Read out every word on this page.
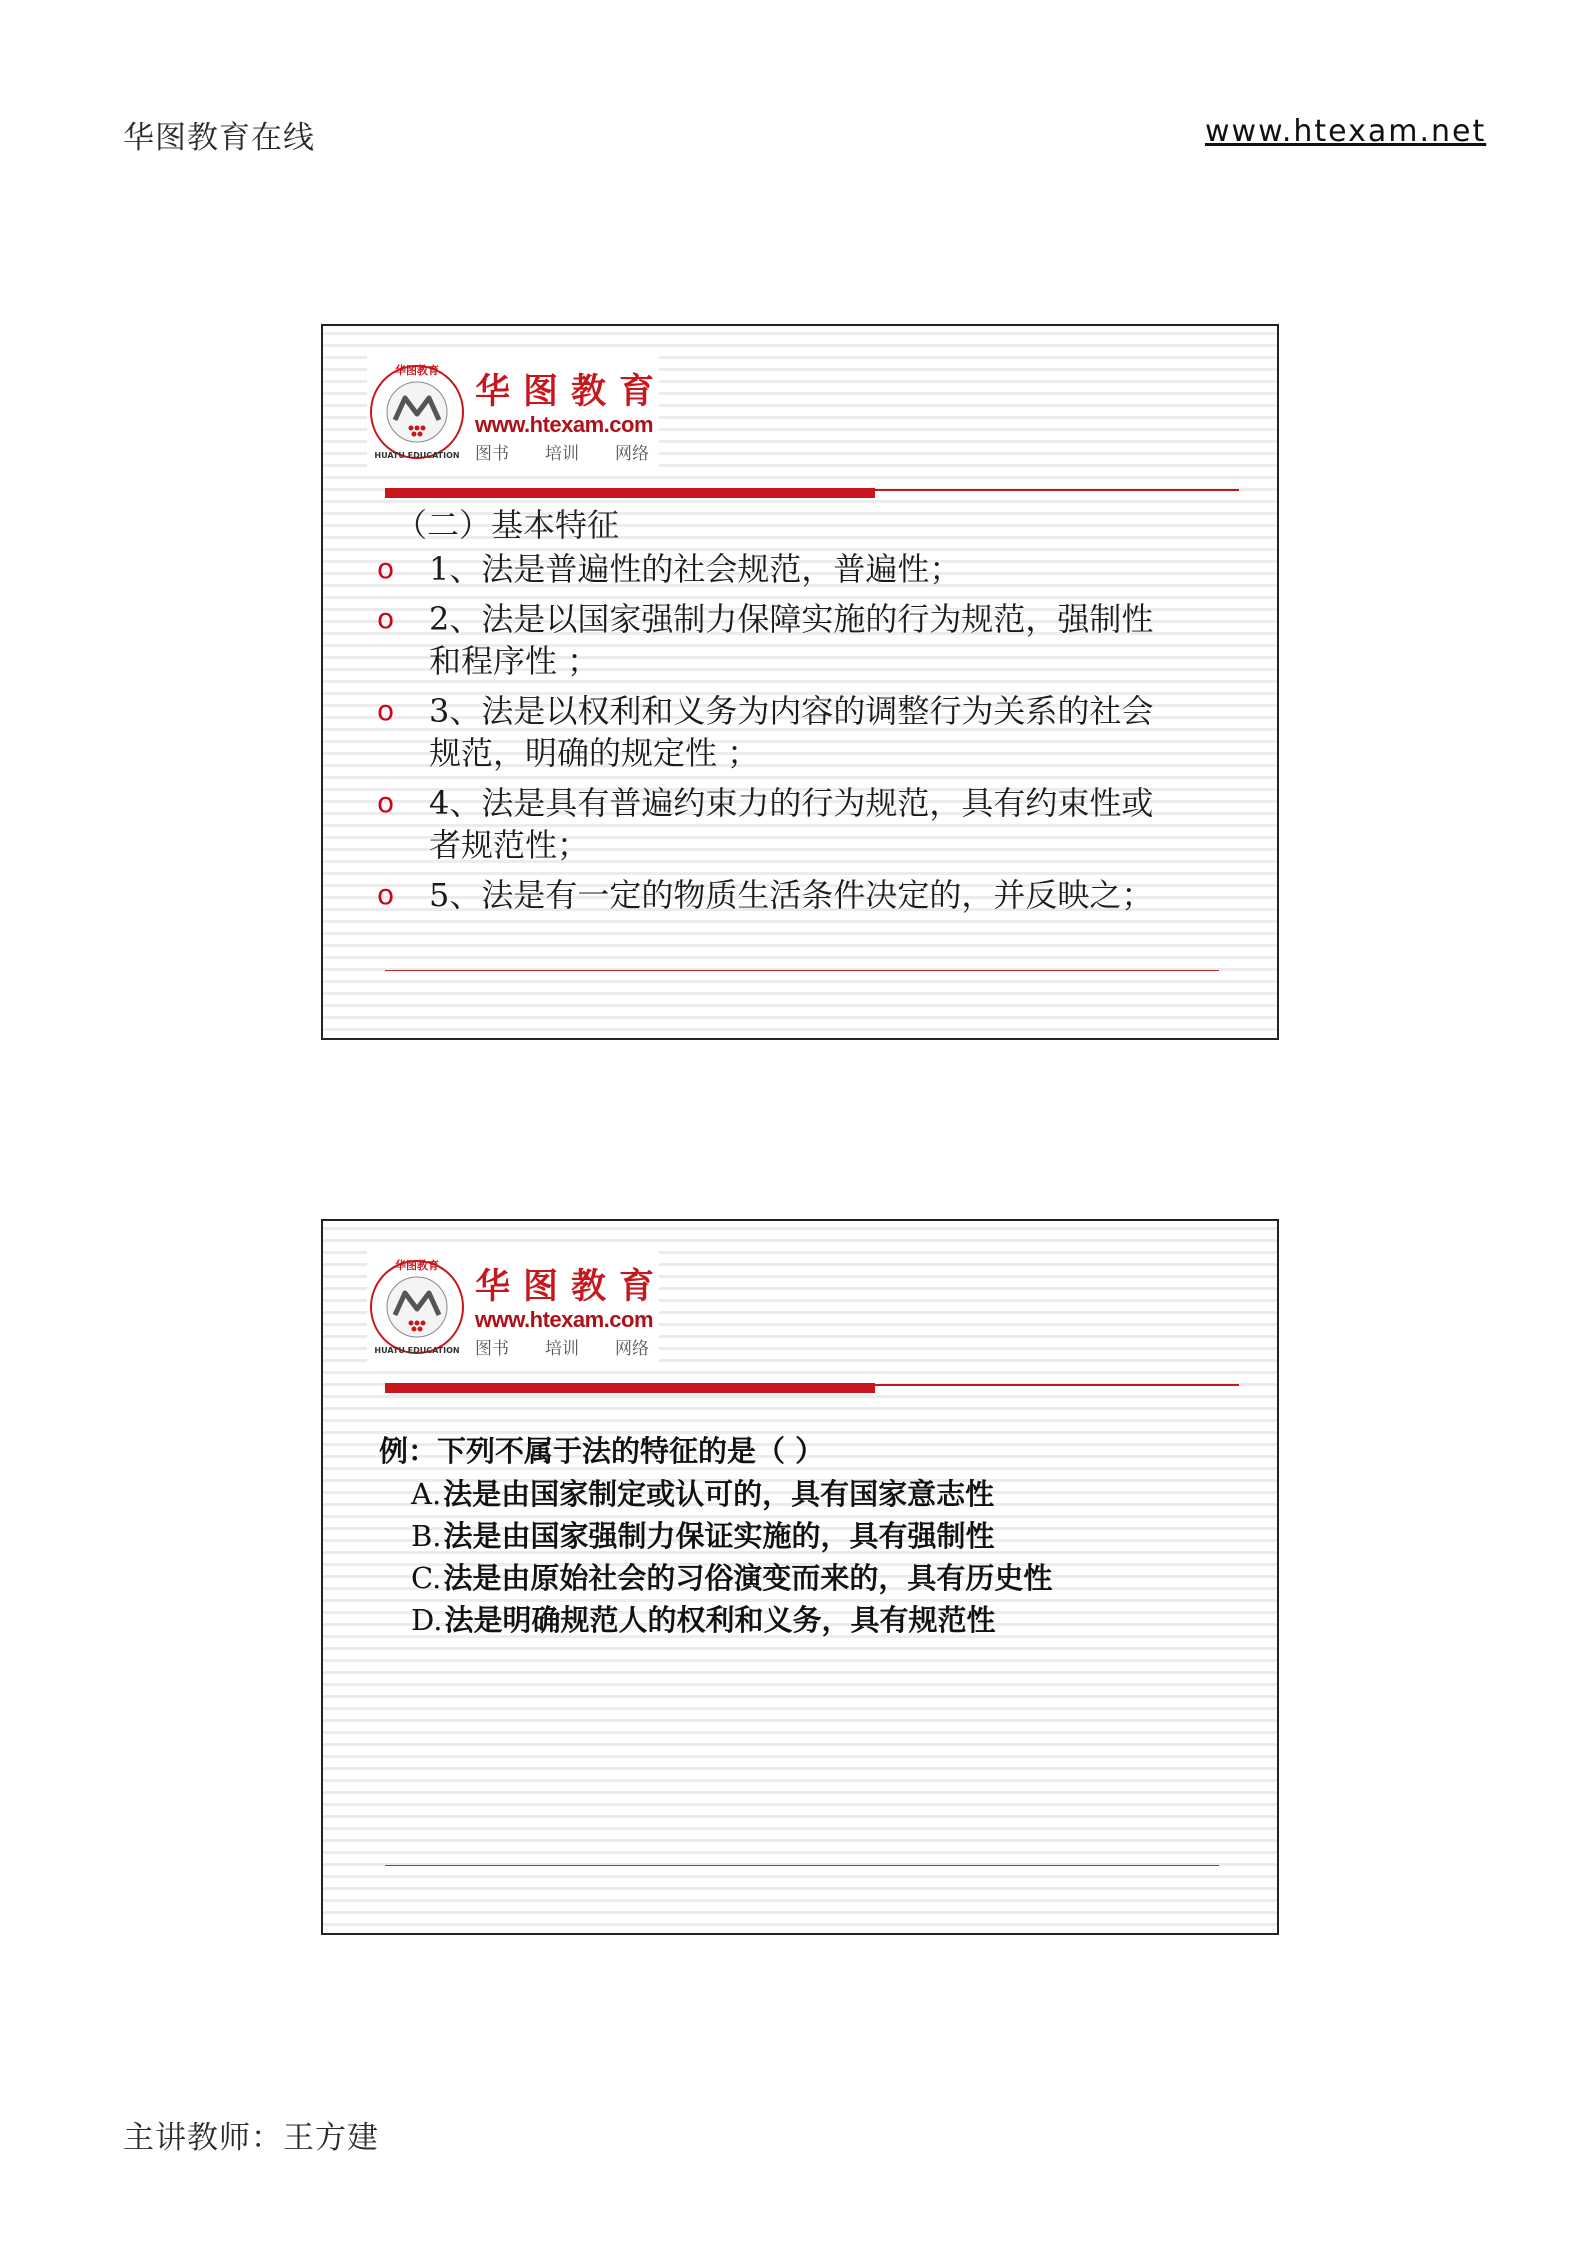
华图教育在线	www.htexam.net
华图教育
HUATU EDUCATION
华图教育
www.htexam.com
图书 培训 网络
（二）基本特征
o 1、法是普遍性的社会规范，普遍性；
o 2、法是以国家强制力保障实施的行为规范，强制性
和程序性 ；
o 3、法是以权利和义务为内容的调整行为关系的社会
规范，明确的规定性 ；
o 4、法是具有普遍约束力的行为规范，具有约束性或
者规范性；
o 5、法是有一定的物质生活条件决定的，并反映之；
华图教育
HUATU EDUCATION
华图教育
www.htexam.com
图书 培训 网络
例：下列不属于法的特征的是（ ）
A.法是由国家制定或认可的，具有国家意志性
B.法是由国家强制力保证实施的，具有强制性
C.法是由原始社会的习俗演变而来的，具有历史性
D.法是明确规范人的权利和义务，具有规范性
主讲教师：王方建
